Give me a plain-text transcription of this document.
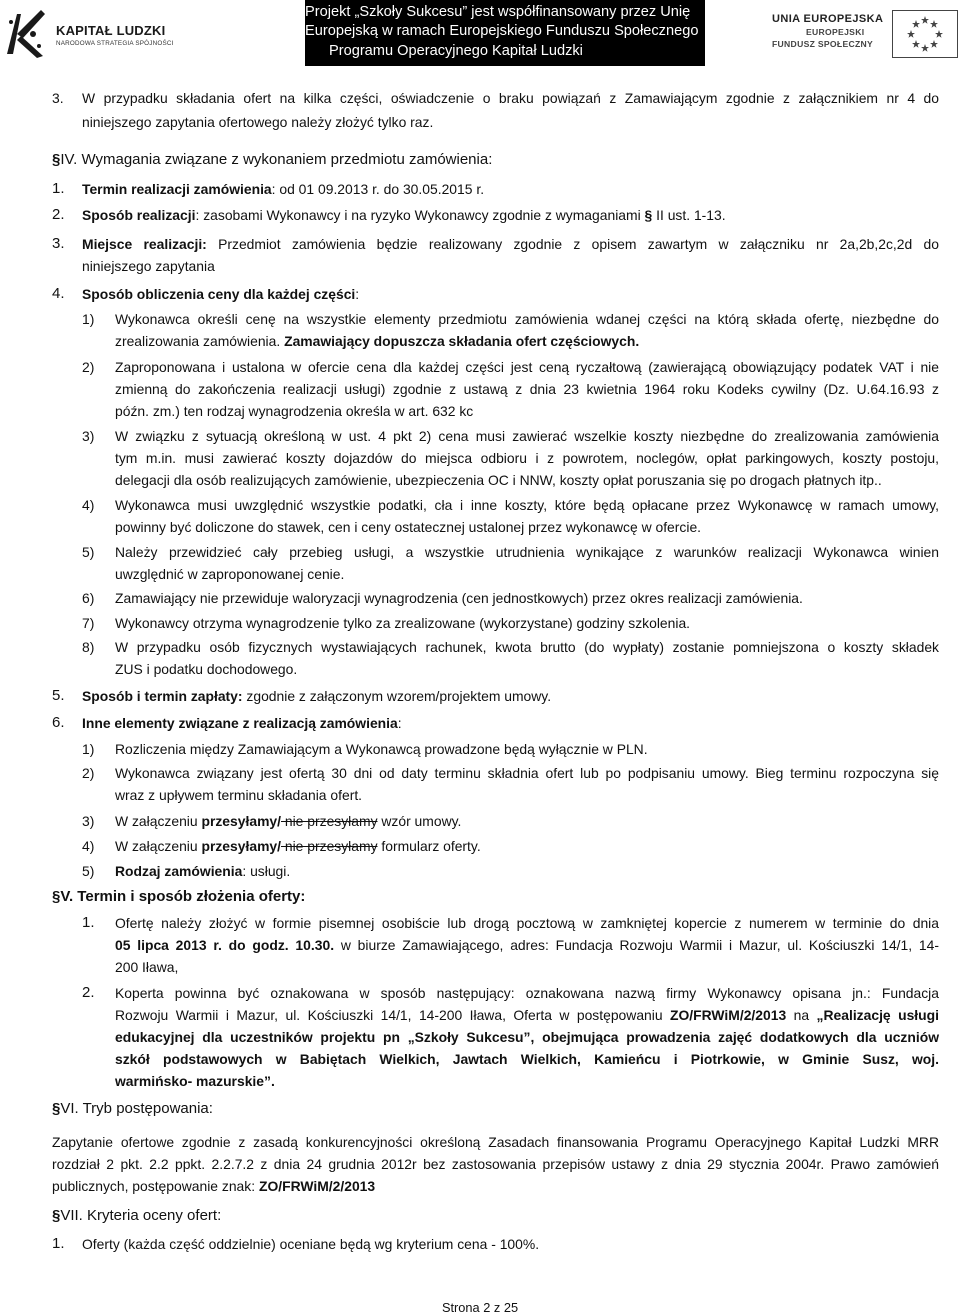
KAPITAŁ LUDZKI
NARODOWA STRATEGIA SPÓJNOŚCI
Projekt „Szkoły Sukcesu” jest współfinansowany przez Unię
Europejską w ramach Europejskiego Funduszu Społecznego
Programu Operacyjnego Kapitał Ludzki
UNIA EUROPEJSKA
EUROPEJSKI
FUNDUSZ SPOŁECZNY
3. W przypadku składania ofert na kilka części, oświadczenie o braku powiązań z Zamawiającym zgodnie z załącznikiem nr 4 do
niniejszego zapytania ofertowego należy złożyć tylko raz.
§IV. Wymagania związane z wykonaniem przedmiotu zamówienia:
1. Termin realizacji zamówienia: od 01 09.2013 r. do 30.05.2015 r.
2. Sposób realizacji: zasobami Wykonawcy i na ryzyko Wykonawcy zgodnie z wymaganiami § II ust. 1-13.
3. Miejsce realizacji: Przedmiot zamówienia będzie realizowany zgodnie z opisem zawartym w załączniku nr 2a,2b,2c,2d do
niniejszego zapytania
4. Sposób obliczenia ceny dla każdej części:
1) Wykonawca określi cenę na wszystkie elementy przedmiotu zamówienia wdanej części na którą składa ofertę, niezbędne do
zrealizowania zamówienia. Zamawiający dopuszcza składania ofert częściowych.
2) Zaproponowana i ustalona w ofercie cena dla każdej części jest ceną ryczałtową (zawierającą obowiązujący podatek VAT i nie
zmienną do zakończenia realizacji usługi) zgodnie z ustawą z dnia 23 kwietnia 1964 roku Kodeks cywilny (Dz. U.64.16.93 z
późn. zm.) ten rodzaj wynagrodzenia określa w art. 632 kc
3) W związku z sytuacją określoną w ust. 4 pkt 2) cena musi zawierać wszelkie koszty niezbędne do zrealizowania zamówienia
tym m.in. musi zawierać koszty dojazdów do miejsca odbioru i z powrotem, noclegów, opłat parkingowych, koszty postoju,
delegacji dla osób realizujących zamówienie, ubezpieczenia OC i NNW, koszty opłat poruszania się po drogach płatnych itp..
4) Wykonawca musi uwzględnić wszystkie podatki, cła i inne koszty, które będą opłacane przez Wykonawcę w ramach umowy,
powinny być doliczone do stawek, cen i ceny ostatecznej ustalonej przez wykonawcę w ofercie.
5) Należy przewidzieć cały przebieg usługi, a wszystkie utrudnienia wynikające z warunków realizacji Wykonawca winien
uwzględnić w zaproponowanej cenie.
6) Zamawiający nie przewiduje waloryzacji wynagrodzenia (cen jednostkowych) przez okres realizacji zamówienia.
7) Wykonawcy otrzyma wynagrodzenie tylko za zrealizowane (wykorzystane) godziny szkolenia.
8) W przypadku osób fizycznych wystawiających rachunek, kwota brutto (do wypłaty) zostanie pomniejszona o koszty składek
ZUS i podatku dochodowego.
5. Sposób i termin zapłaty: zgodnie z załączonym wzorem/projektem umowy.
6. Inne elementy związane z realizacją zamówienia:
1) Rozliczenia między Zamawiającym a Wykonawcą prowadzone będą wyłącznie w PLN.
2) Wykonawca związany jest ofertą 30 dni od daty terminu składnia ofert lub po podpisaniu umowy. Bieg terminu rozpoczyna się
wraz z upływem terminu składania ofert.
3) W załączeniu przesyłamy/ nie przesyłamy wzór umowy.
4) W załączeniu przesyłamy/ nie przesyłamy formularz oferty.
5) Rodzaj zamówienia: usługi.
§V. Termin i sposób złożenia oferty:
1. Ofertę należy złożyć w formie pisemnej osobiście lub drogą pocztową w zamkniętej kopercie z numerem w terminie do dnia
05 lipca 2013 r. do godz. 10.30. w biurze Zamawiającego, adres: Fundacja Rozwoju Warmii i Mazur, ul. Kościuszki 14/1, 14-
200 Iława,
2. Koperta powinna być oznakowana w sposób następujący: oznakowana nazwą firmy Wykonawcy opisana jn.: Fundacja
Rozwoju Warmii i Mazur, ul. Kościuszki 14/1, 14-200 Iława, Oferta w postępowaniu ZO/FRWiM/2/2013 na „Realizację usługi
edukacyjnej dla uczestników projektu pn „Szkoły Sukcesu”, obejmująca prowadzenia zajęć dodatkowych dla uczniów
szkół podstawowych w Babiętach Wielkich, Jawtach Wielkich, Kamieńcu i Piotrkowie, w Gminie Susz, woj.
warmińsko- mazurskie”.
§VI. Tryb postępowania:
Zapytanie ofertowe zgodnie z zasadą konkurencyjności określoną Zasadach finansowania Programu Operacyjnego Kapitał Ludzki MRR
rozdział 2 pkt. 2.2 ppkt. 2.2.7.2 z dnia 24 grudnia 2012r bez zastosowania przepisów ustawy z dnia 29 stycznia 2004r. Prawo zamówień
publicznych, postępowanie znak: ZO/FRWiM/2/2013
§VII. Kryteria oceny ofert:
1. Oferty (każda część oddzielnie) oceniane będą wg kryterium cena - 100%.
Strona 2 z 25
